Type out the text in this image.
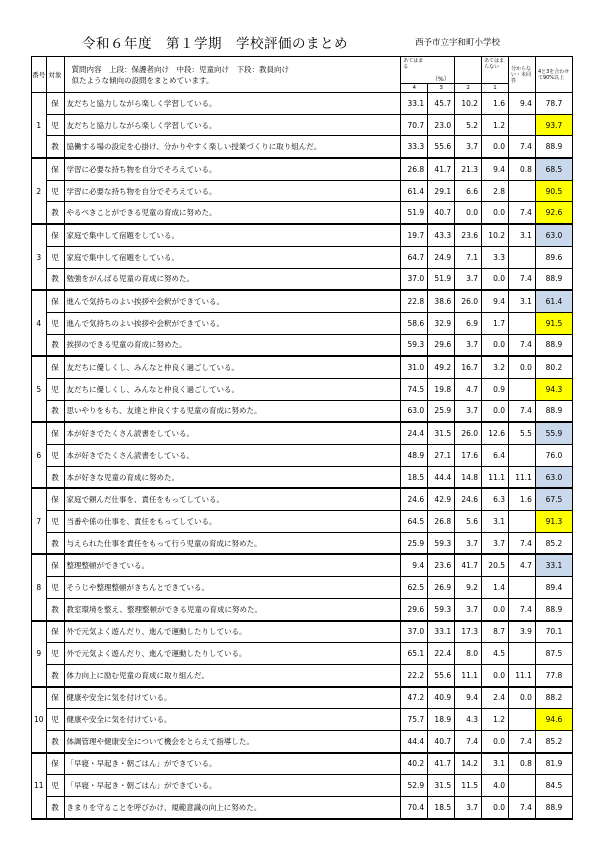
令和６年度　第１学期　学校評価のまとめ	西予市立宇和町小学校
番号	対象	質問内容　上段：保護者向け　中段：児童向け　下段：教員向け
似たような傾向の設問をまとめています。	あてはまる	（%）		あてはまらない	分からない・未回答	4と3を合わせて90%以上
			4	3	2	1		
1	保	友だちと協力しながら楽しく学習している。	33.1	45.7	10.2	1.6	9.4	78.7
	児	友だちと協力しながら楽しく学習している。	70.7	23.0	5.2	1.2		93.7
	教	協働する場の設定を心掛け、分かりやすく楽しい授業づくりに取り組んだ。	33.3	55.6	3.7	0.0	7.4	88.9
2	保	学習に必要な持ち物を自分でそろえている。	26.8	41.7	21.3	9.4	0.8	68.5
	児	学習に必要な持ち物を自分でそろえている。	61.4	29.1	6.6	2.8		90.5
	教	やるべきことができる児童の育成に努めた。	51.9	40.7	0.0	0.0	7.4	92.6
3	保	家庭で集中して宿題をしている。	19.7	43.3	23.6	10.2	3.1	63.0
	児	家庭で集中して宿題をしている。	64.7	24.9	7.1	3.3		89.6
	教	勉強をがんばる児童の育成に努めた。	37.0	51.9	3.7	0.0	7.4	88.9
4	保	進んで気持ちのよい挨拶や会釈ができている。	22.8	38.6	26.0	9.4	3.1	61.4
	児	進んで気持ちのよい挨拶や会釈ができている。	58.6	32.9	6.9	1.7		91.5
	教	挨拶のできる児童の育成に努めた。	59.3	29.6	3.7	0.0	7.4	88.9
5	保	友だちに優しくし、みんなと仲良く過ごしている。	31.0	49.2	16.7	3.2	0.0	80.2
	児	友だちに優しくし、みんなと仲良く過ごしている。	74.5	19.8	4.7	0.9		94.3
	教	思いやりをもち、友達と仲良くする児童の育成に努めた。	63.0	25.9	3.7	0.0	7.4	88.9
6	保	本が好きでたくさん読書をしている。	24.4	31.5	26.0	12.6	5.5	55.9
	児	本が好きでたくさん読書をしている。	48.9	27.1	17.6	6.4		76.0
	教	本が好きな児童の育成に努めた。	18.5	44.4	14.8	11.1	11.1	63.0
7	保	家庭で頼んだ仕事を、責任をもってしている。	24.6	42.9	24.6	6.3	1.6	67.5
	児	当番や係の仕事を、責任をもってしている。	64.5	26.8	5.6	3.1		91.3
	教	与えられた仕事を責任をもって行う児童の育成に努めた。	25.9	59.3	3.7	3.7	7.4	85.2
8	保	整理整頓ができている。	9.4	23.6	41.7	20.5	4.7	33.1
	児	そうじや整理整頓がきちんとできている。	62.5	26.9	9.2	1.4		89.4
	教	教室環境を整え、整理整頓ができる児童の育成に努めた。	29.6	59.3	3.7	0.0	7.4	88.9
9	保	外で元気よく遊んだり、進んで運動したりしている。	37.0	33.1	17.3	8.7	3.9	70.1
	児	外で元気よく遊んだり、進んで運動したりしている。	65.1	22.4	8.0	4.5		87.5
	教	体力向上に励む児童の育成に取り組んだ。	22.2	55.6	11.1	0.0	11.1	77.8
10	保	健康や安全に気を付けている。	47.2	40.9	9.4	2.4	0.0	88.2
	児	健康や安全に気を付けている。	75.7	18.9	4.3	1.2		94.6
	教	体調管理や健康安全について機会をとらえて指導した。	44.4	40.7	7.4	0.0	7.4	85.2
11	保	「早寝・早起き・朝ごはん」ができている。	40.2	41.7	14.2	3.1	0.8	81.9
	児	「早寝・早起き・朝ごはん」ができている。	52.9	31.5	11.5	4.0		84.5
	教	きまりを守ることを呼びかけ、規範意識の向上に努めた。	70.4	18.5	3.7	0.0	7.4	88.9
